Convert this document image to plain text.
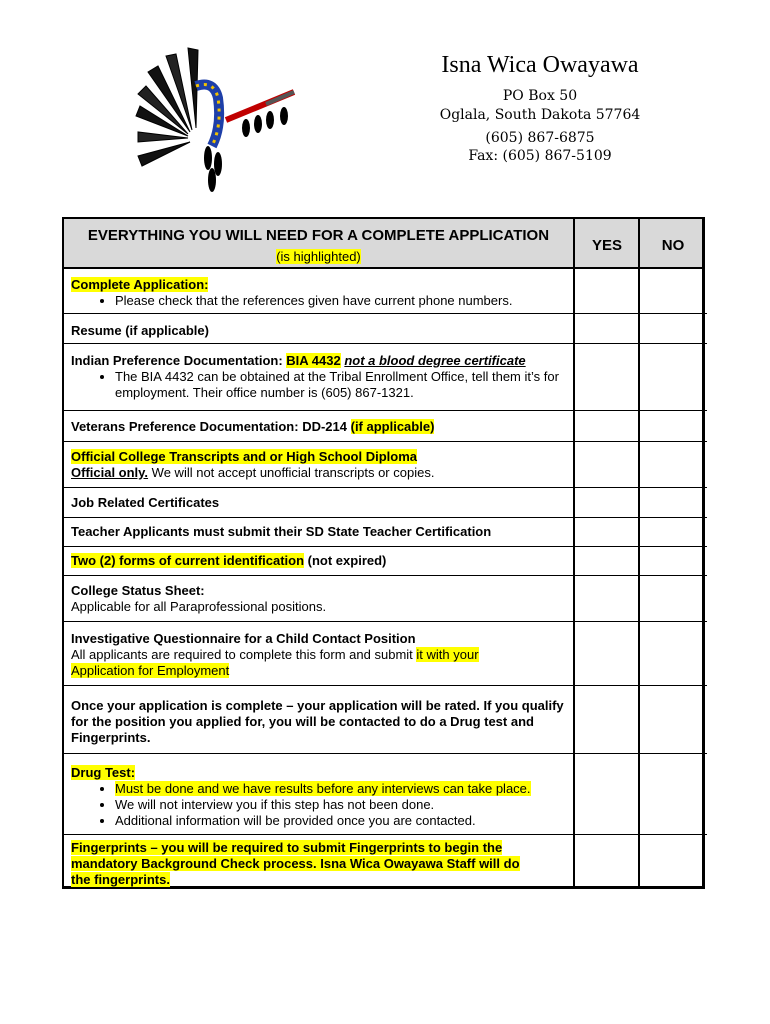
Isna Wica Owayawa
PO Box 50
Oglala, South Dakota 57764
(605) 867-6875
Fax: (605) 867-5109
EVERYTHING YOU WILL NEED FOR A COMPLETE APPLICATION
(is highlighted)
YES	NO
Complete Application:
• Please check that the references given have current phone numbers.
Resume (if applicable)
Indian Preference Documentation: BIA 4432 not a blood degree certificate
• The BIA 4432 can be obtained at the Tribal Enrollment Office, tell them it’s for employment. Their office number is (605) 867-1321.
Veterans Preference Documentation: DD-214 (if applicable)
Official College Transcripts and or High School Diploma
Official only. We will not accept unofficial transcripts or copies.
Job Related Certificates
Teacher Applicants must submit their SD State Teacher Certification
Two (2) forms of current identification (not expired)
College Status Sheet:
Applicable for all Paraprofessional positions.
Investigative Questionnaire for a Child Contact Position
All applicants are required to complete this form and submit it with your
Application for Employment
Once your application is complete – your application will be rated. If you qualify for the position you applied for, you will be contacted to do a Drug test and Fingerprints.
Drug Test:
• Must be done and we have results before any interviews can take place.
• We will not interview you if this step has not been done.
• Additional information will be provided once you are contacted.
Fingerprints – you will be required to submit Fingerprints to begin the
mandatory Background Check process. Isna Wica Owayawa Staff will do
the fingerprints.
